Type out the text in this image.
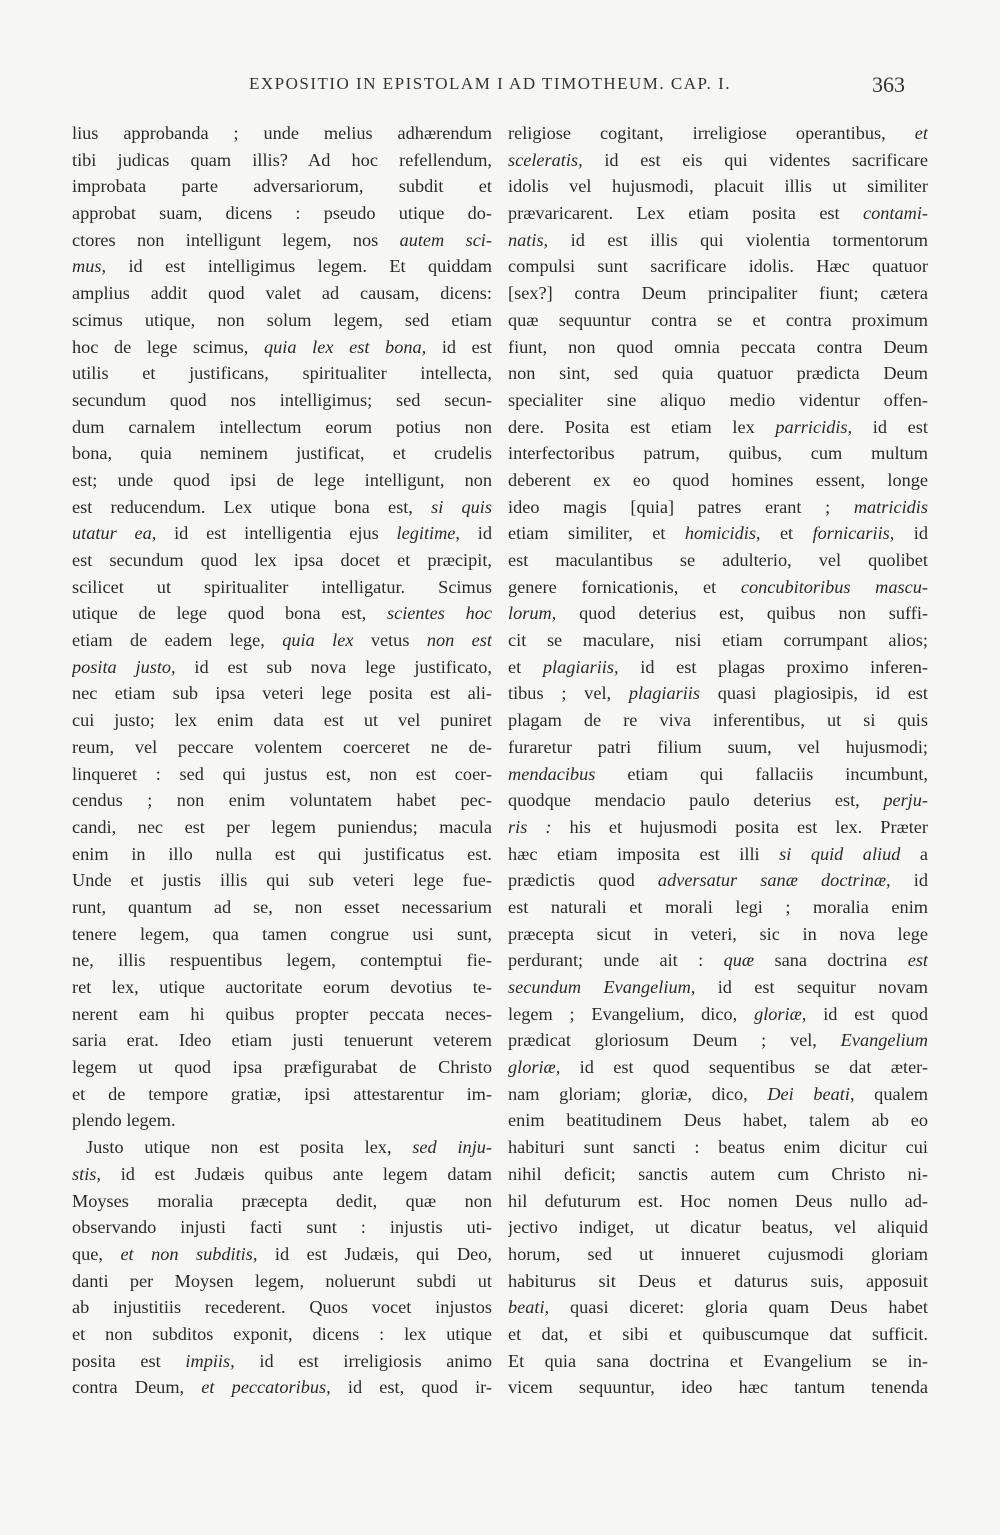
EXPOSITIO IN EPISTOLAM I AD TIMOTHEUM. CAP. I.	363
lius approbanda ; unde melius adhærendum
tibi judicas quam illis? Ad hoc refellendum,
improbata parte adversariorum, subdit et
approbat suam, dicens : pseudo utique do-
ctores non intelligunt legem, nos autem sci-
mus, id est intelligimus legem. Et quiddam
amplius addit quod valet ad causam, dicens:
scimus utique, non solum legem, sed etiam
hoc de lege scimus, quia lex est bona, id est
utilis et justificans, spiritualiter intellecta,
secundum quod nos intelligimus; sed secun-
dum carnalem intellectum eorum potius non
bona, quia neminem justificat, et crudelis
est; unde quod ipsi de lege intelligunt, non
est reducendum. Lex utique bona est, si quis
utatur ea, id est intelligentia ejus legitime, id
est secundum quod lex ipsa docet et præcipit,
scilicet ut spiritualiter intelligatur. Scimus
utique de lege quod bona est, scientes hoc
etiam de eadem lege, quia lex vetus non est
posita justo, id est sub nova lege justificato,
nec etiam sub ipsa veteri lege posita est ali-
cui justo; lex enim data est ut vel puniret
reum, vel peccare volentem coerceret ne de-
linqueret : sed qui justus est, non est coer-
cendus ; non enim voluntatem habet pec-
candi, nec est per legem puniendus; macula
enim in illo nulla est qui justificatus est.
Unde et justis illis qui sub veteri lege fue-
runt, quantum ad se, non esset necessarium
tenere legem, qua tamen congrue usi sunt,
ne, illis respuentibus legem, contemptui fie-
ret lex, utique auctoritate eorum devotius te-
nerent eam hi quibus propter peccata neces-
saria erat. Ideo etiam justi tenuerunt veterem
legem ut quod ipsa præfigurabat de Christo
et de tempore gratiæ, ipsi attestarentur im-
plendo legem.
Justo utique non est posita lex, sed inju-
stis, id est Judæis quibus ante legem datam
Moyses moralia præcepta dedit, quæ non
observando injusti facti sunt : injustis uti-
que, et non subditis, id est Judæis, qui Deo,
danti per Moysen legem, noluerunt subdi ut
ab injustitiis recederent. Quos vocet injustos
et non subditos exponit, dicens : lex utique
posita est impiis, id est irreligiosis animo
contra Deum, et peccatoribus, id est, quod ir-
religiose cogitant, irreligiose operantibus, et
sceleratis, id est eis qui videntes sacrificare
idolis vel hujusmodi, placuit illis ut similiter
prævaricarent. Lex etiam posita est contami-
natis, id est illis qui violentia tormentorum
compulsi sunt sacrificare idolis. Hæc quatuor
[sex?] contra Deum principaliter fiunt; cætera
quæ sequuntur contra se et contra proximum
fiunt, non quod omnia peccata contra Deum
non sint, sed quia quatuor prædicta Deum
specialiter sine aliquo medio videntur offen-
dere. Posita est etiam lex parricidis, id est
interfectoribus patrum, quibus, cum multum
deberent ex eo quod homines essent, longe
ideo magis [quia] patres erant ; matricidis
etiam similiter, et homicidis, et fornicariis, id
est maculantibus se adulterio, vel quolibet
genere fornicationis, et concubitoribus mascu-
lorum, quod deterius est, quibus non suffi-
cit se maculare, nisi etiam corrumpant alios;
et plagiariis, id est plagas proximo inferen-
tibus ; vel, plagiariis quasi plagiosipis, id est
plagam de re viva inferentibus, ut si quis
furaretur patri filium suum, vel hujusmodi;
mendacibus etiam qui fallaciis incumbunt,
quodque mendacio paulo deterius est, perju-
ris : his et hujusmodi posita est lex. Præter
hæc etiam imposita est illi si quid aliud a
prædictis quod adversatur sanæ doctrinæ, id
est naturali et morali legi ; moralia enim
præcepta sicut in veteri, sic in nova lege
perdurant; unde ait : quæ sana doctrina est
secundum Evangelium, id est sequitur novam
legem ; Evangelium, dico, gloriæ, id est quod
prædicat gloriosum Deum ; vel, Evangelium
gloriæ, id est quod sequentibus se dat æter-
nam gloriam; gloriæ, dico, Dei beati, qualem
enim beatitudinem Deus habet, talem ab eo
habituri sunt sancti : beatus enim dicitur cui
nihil deficit; sanctis autem cum Christo ni-
hil defuturum est. Hoc nomen Deus nullo ad-
jectivo indiget, ut dicatur beatus, vel aliquid
horum, sed ut innueret cujusmodi gloriam
habiturus sit Deus et daturus suis, apposuit
beati, quasi diceret: gloria quam Deus habet
et dat, et sibi et quibuscumque dat sufficit.
Et quia sana doctrina et Evangelium se in-
vicem sequuntur, ideo hæc tantum tenenda
